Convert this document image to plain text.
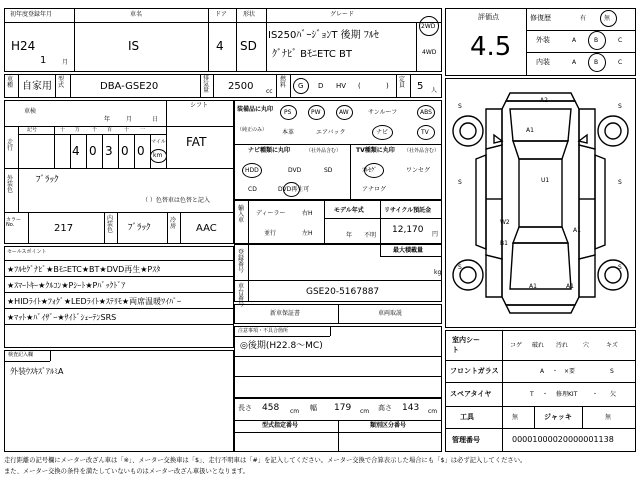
初年度登録年月
H24
1	月
車名
IS
ドア
4
形状
SD
グレード
IS250ﾊﾞｰｼﾞｮﾝT 後期 ﾌﾙｾ
ｸﾞﾅﾋﾞ BﾓﾆETC BT
2WD
4WD
車種 自家用
型式	DBA-GSE20
排気量 2500 cc
燃料 G D HV (	)
定員 5 人
車検
年	月	日
シフト
FAT
走行
記号	十 万 千 百 十 一
4 0 3 0 0
マイル
km
外装色
ﾌﾞﾗｯｸ
（ ）色替車は色替と記入
カラーNo.	217
内装色 ﾌﾞﾗｯｸ
冷房 AAC
装備品に丸印
（純正のみ）
PS	PW	AW	サンルーフ	ABS
本革	エアバック	ナビ	TV
ナビ種類に丸印	（社外品含む）
HDD	DVD	SD
CD	DVD再生可
TV種類に丸印 （社外品含む）
ﾌﾙｾｸﾞ	ワンセグ
アナログ
輸入車
ディーラー
並行
右H
左H
モデル年式
年 不明
リサイクル預託金
12,170 円
登録番号
最大積載量
kg
車台番号
GSE20-5167887
新車保証書	車両取説
セールスポイント
★ﾌﾙｾｸﾞﾅﾋﾞ★BﾓﾆETC★BT★DVD再生★Pｽﾀ
★ｽﾏｰﾄｷｰ★ｸﾙｺﾝ★Pｼｰﾄ★Pﾊﾞｯｸﾄﾞｱ
★HIDﾗｲﾄ★ﾌｫｸﾞ★LEDﾗｲﾄ★ｽﾃﾘﾓ★両席温暖ﾜｲﾊﾟｰ
★ﾏｯﾄ★ﾊﾞｲｻﾞｰ★ｻｲﾄﾞｼｪｰﾃﾝSRS
注意事項・不具合箇所
◎後期(H22.8〜MC)
検査記入欄
外装ｳｽｷｽﾞｱﾙﾐA
長さ 458 cm 幅 179 cm 高さ 143 cm
型式指定番号	類別区分番号
評価点
4.5
修復歴	有	無
外装	A	B	C
内装	A	B	C
A2
A1
U1
W2
A1
B1
A1	A1
S	S
S	S
S	S
室内シート
コゲ 破れ 汚れ 穴	キズ
フロントガラス	A ・ ×要	S
スペアタイヤ	T ・ 修理KIT ・ 欠
工具	無	ジャッキ	無
管理番号	00001000020000001138
走行距離の記号欄にメーター改ざん車は「※」、メーター交換車は「$」、走行不明車は「#」を記入してください。メーター交換で合算表示した場合にも「$」は必ず記入してください。
また、メーター交換の条件を満たしていないものはメーター改ざん車扱いとなります。
